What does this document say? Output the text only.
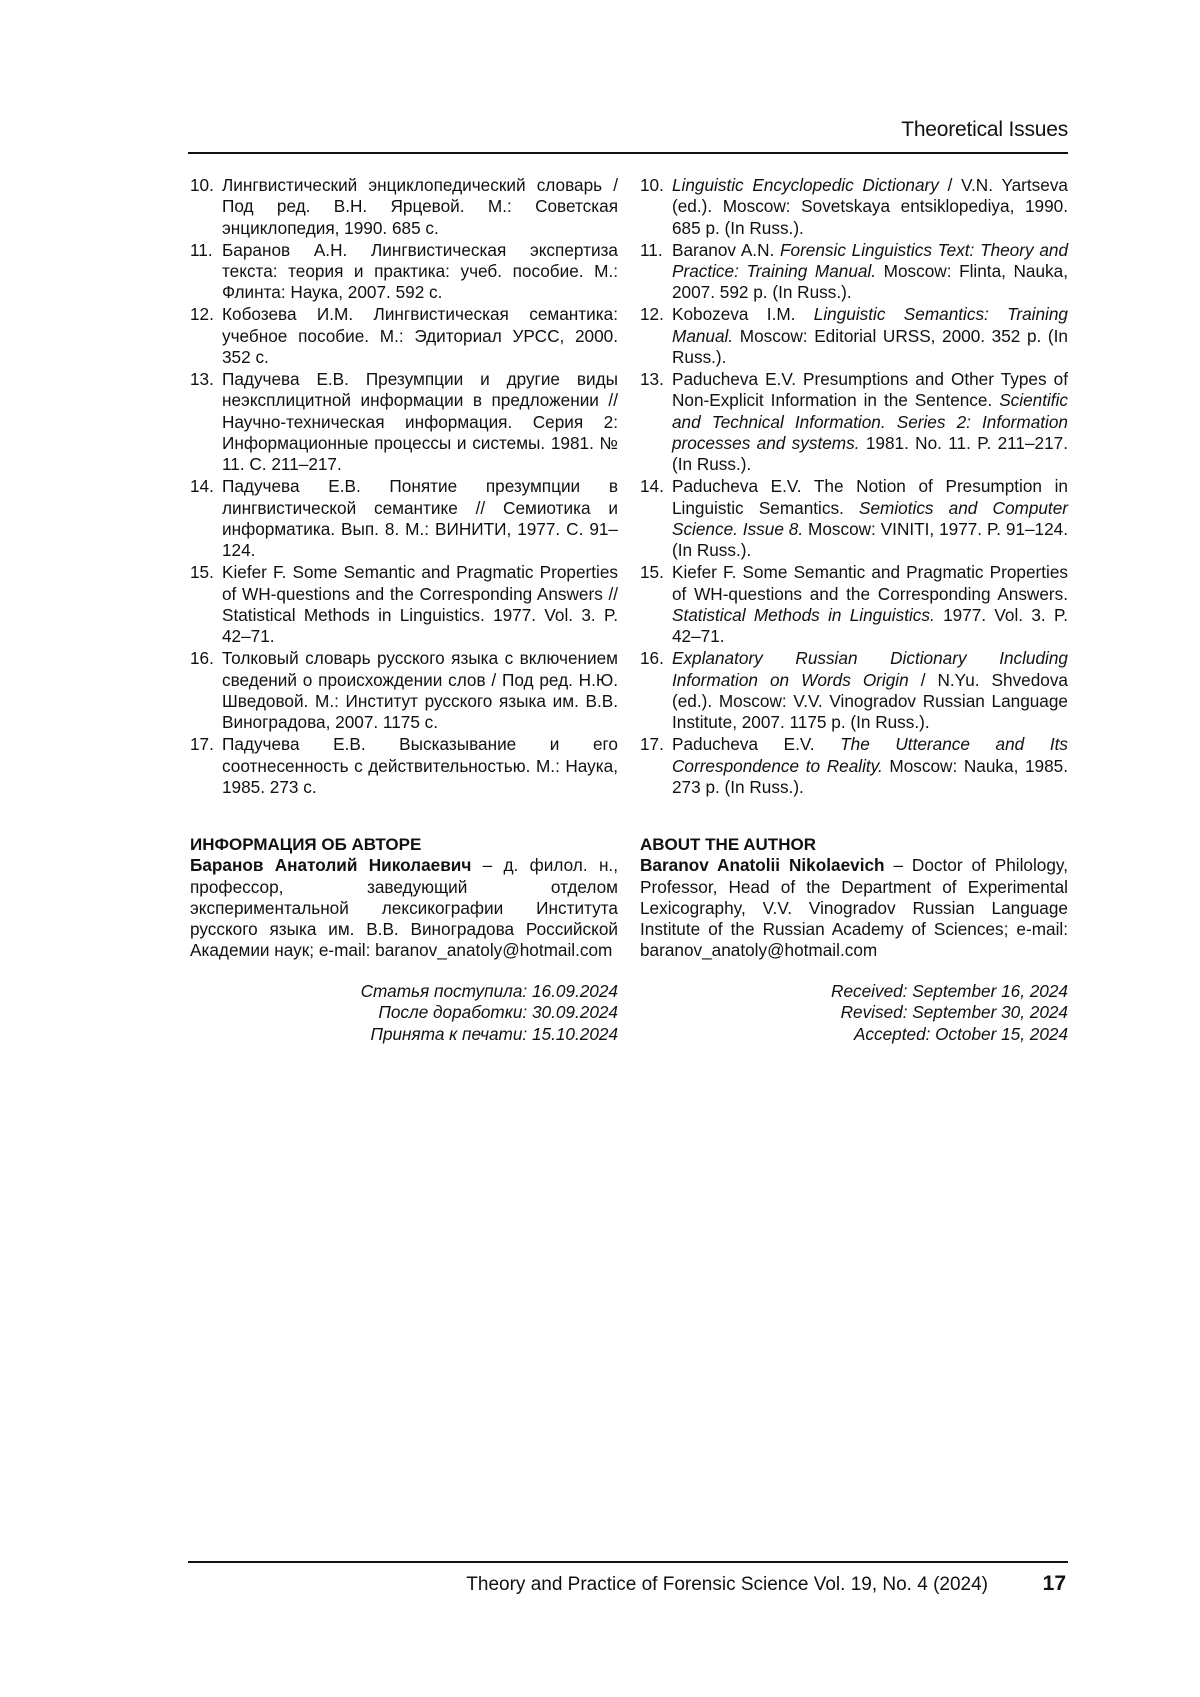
Theoretical Issues
10. Лингвистический энциклопедический словарь / Под ред. В.Н. Ярцевой. М.: Советская энциклопедия, 1990. 685 с.
11. Баранов А.Н. Лингвистическая экспертиза текста: теория и практика: учеб. пособие. М.: Флинта: Наука, 2007. 592 с.
12. Кобозева И.М. Лингвистическая семантика: учебное пособие. М.: Эдиториал УРСС, 2000. 352 с.
13. Падучева Е.В. Презумпции и другие виды неэксплицитной информации в предложении // Научно-техническая информация. Серия 2: Информационные процессы и системы. 1981. № 11. С. 211–217.
14. Падучева Е.В. Понятие презумпции в лингвистической семантике // Семиотика и информатика. Вып. 8. М.: ВИНИТИ, 1977. С. 91–124.
15. Kiefer F. Some Semantic and Pragmatic Properties of WH-questions and the Corresponding Answers // Statistical Methods in Linguistics. 1977. Vol. 3. P. 42–71.
16. Толковый словарь русского языка с включением сведений о происхождении слов / Под ред. Н.Ю. Шведовой. М.: Институт русского языка им. В.В. Виноградова, 2007. 1175 с.
17. Падучева Е.В. Высказывание и его соотнесенность с действительностью. М.: Наука, 1985. 273 с.

ИНФОРМАЦИЯ ОБ АВТОРЕ

Баранов Анатолий Николаевич – д. филол. н., профессор, заведующий отделом экспериментальной лексикографии Института русского языка им. В.В. Виноградова Российской Академии наук; e-mail: baranov_anatoly@hotmail.com

Статья поступила: 16.09.2024
После доработки: 30.09.2024
Принята к печати: 15.10.2024
10. Linguistic Encyclopedic Dictionary / V.N. Yartseva (ed.). Moscow: Sovetskaya entsiklopediya, 1990. 685 p. (In Russ.).
11. Baranov A.N. Forensic Linguistics Text: Theory and Practice: Training Manual. Moscow: Flinta, Nauka, 2007. 592 p. (In Russ.).
12. Kobozeva I.M. Linguistic Semantics: Training Manual. Moscow: Editorial URSS, 2000. 352 p. (In Russ.).
13. Paducheva E.V. Presumptions and Other Types of Non-Explicit Information in the Sentence. Scientific and Technical Information. Series 2: Information processes and systems. 1981. No. 11. P. 211–217. (In Russ.).
14. Paducheva E.V. The Notion of Presumption in Linguistic Semantics. Semiotics and Computer Science. Issue 8. Moscow: VINITI, 1977. P. 91–124. (In Russ.).
15. Kiefer F. Some Semantic and Pragmatic Properties of WH-questions and the Corresponding Answers. Statistical Methods in Linguistics. 1977. Vol. 3. P. 42–71.
16. Explanatory Russian Dictionary Including Information on Words Origin / N.Yu. Shvedova (ed.). Moscow: V.V. Vinogradov Russian Language Institute, 2007. 1175 p. (In Russ.).
17. Paducheva E.V. The Utterance and Its Correspondence to Reality. Moscow: Nauka, 1985. 273 p. (In Russ.).

ABOUT THE AUTHOR

Baranov Anatolii Nikolaevich – Doctor of Philology, Professor, Head of the Department of Experimental Lexicography, V.V. Vinogradov Russian Language Institute of the Russian Academy of Sciences; e-mail: baranov_anatoly@hotmail.com

Received: September 16, 2024
Revised: September 30, 2024
Accepted: October 15, 2024
Theory and Practice of Forensic Science Vol. 19, No. 4 (2024)	17
